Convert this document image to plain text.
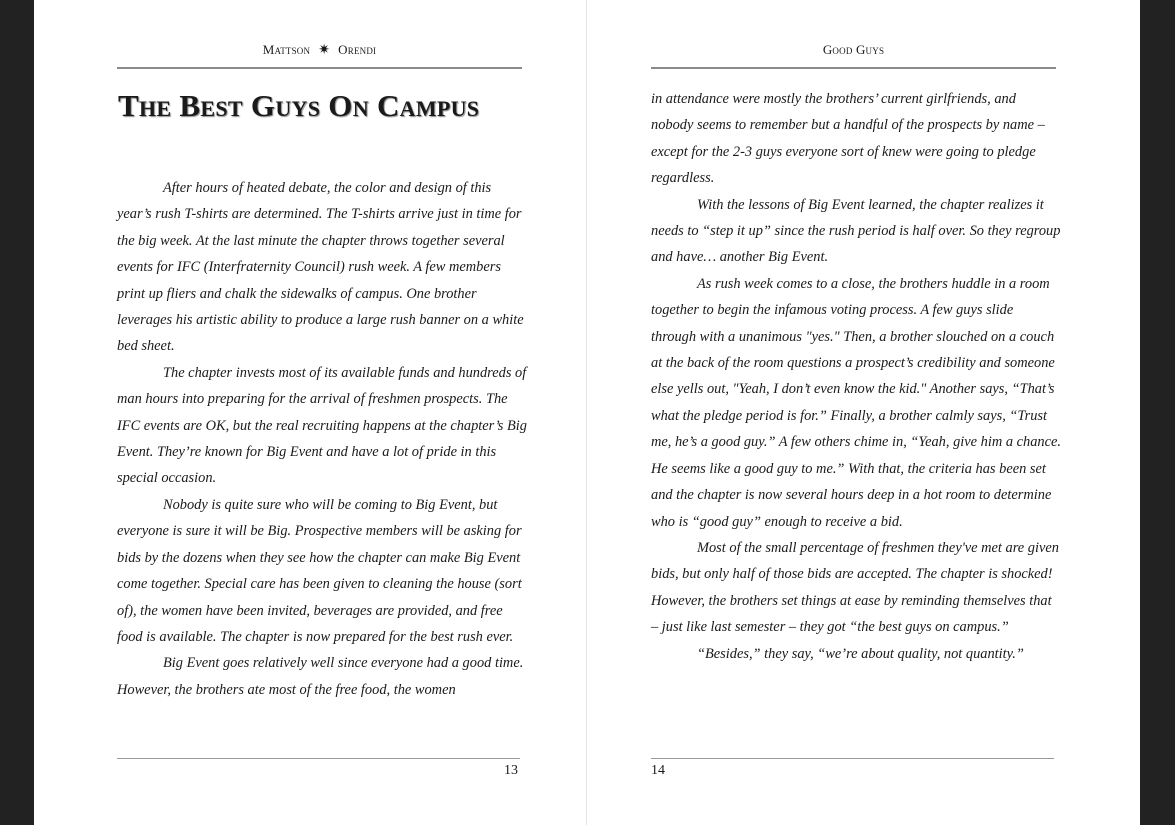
Mattson ✷ Orendi
The Best Guys On Campus

After hours of heated debate, the color and design of this year’s rush T-shirts are determined. The T-shirts arrive just in time for the big week. At the last minute the chapter throws together several events for IFC (Interfraternity Council) rush week. A few members print up fliers and chalk the sidewalks of campus. One brother leverages his artistic ability to produce a large rush banner on a white bed sheet.

The chapter invests most of its available funds and hundreds of man hours into preparing for the arrival of freshmen prospects. The IFC events are OK, but the real recruiting happens at the chapter’s Big Event. They’re known for Big Event and have a lot of pride in this special occasion.

Nobody is quite sure who will be coming to Big Event, but everyone is sure it will be Big. Prospective members will be asking for bids by the dozens when they see how the chapter can make Big Event come together. Special care has been given to cleaning the house (sort of), the women have been invited, beverages are provided, and free food is available. The chapter is now prepared for the best rush ever.

Big Event goes relatively well since everyone had a good time. However, the brothers ate most of the free food, the women

13
Good Guys

in attendance were mostly the brothers’ current girlfriends, and nobody seems to remember but a handful of the prospects by name – except for the 2-3 guys everyone sort of knew were going to pledge regardless.

With the lessons of Big Event learned, the chapter realizes it needs to “step it up” since the rush period is half over. So they regroup and have… another Big Event.

As rush week comes to a close, the brothers huddle in a room together to begin the infamous voting process. A few guys slide through with a unanimous "yes." Then, a brother slouched on a couch at the back of the room questions a prospect’s credibility and someone else yells out, "Yeah, I don’t even know the kid." Another says, “That’s what the pledge period is for.” Finally, a brother calmly says, “Trust me, he’s a good guy.” A few others chime in, “Yeah, give him a chance. He seems like a good guy to me.” With that, the criteria has been set and the chapter is now several hours deep in a hot room to determine who is “good guy” enough to receive a bid.

Most of the small percentage of freshmen they've met are given bids, but only half of those bids are accepted. The chapter is shocked! However, the brothers set things at ease by reminding themselves that – just like last semester – they got “the best guys on campus.”

“Besides,” they say, “we’re about quality, not quantity.”

14
